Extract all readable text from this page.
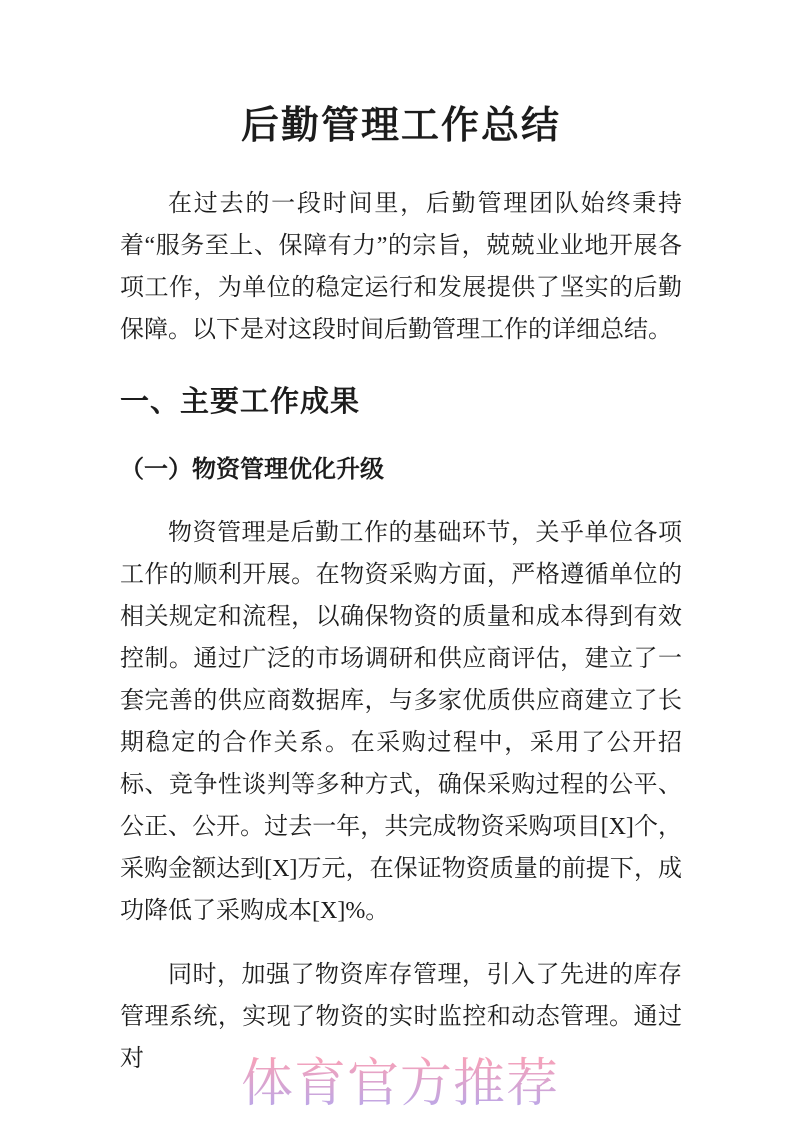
后勤管理工作总结

在过去的一段时间里，后勤管理团队始终秉持着“服务至上、保障有力”的宗旨，兢兢业业地开展各项工作，为单位的稳定运行和发展提供了坚实的后勤保障。以下是对这段时间后勤管理工作的详细总结。

一、主要工作成果
（一）物资管理优化升级

物资管理是后勤工作的基础环节，关乎单位各项工作的顺利开展。在物资采购方面，严格遵循单位的相关规定和流程，以确保物资的质量和成本得到有效控制。通过广泛的市场调研和供应商评估，建立了一套完善的供应商数据库，与多家优质供应商建立了长期稳定的合作关系。在采购过程中，采用了公开招标、竞争性谈判等多种方式，确保采购过程的公平、公正、公开。过去一年，共完成物资采购项目[X]个，采购金额达到[X]万元，在保证物资质量的前提下，成功降低了采购成本[X]%。

同时，加强了物资库存管理，引入了先进的库存管理系统，实现了物资的实时监控和动态管理。通过对	体育官方推荐
